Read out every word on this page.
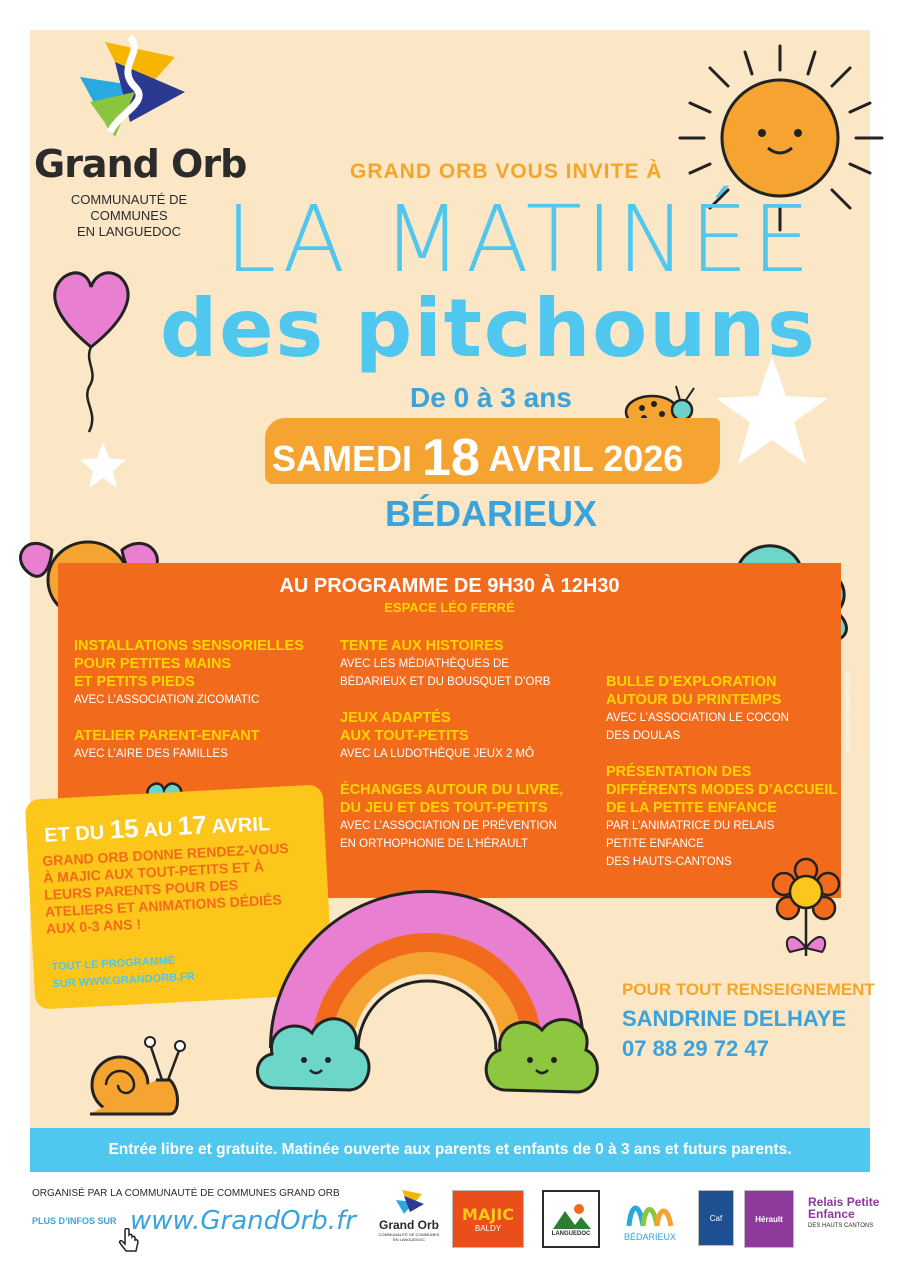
Grand Orb
COMMUNAUTÉ DE COMMUNES
EN LANGUEDOC
GRAND ORB VOUS INVITE À
LA MATINÉE
des pitchouns
De 0 à 3 ans
SAMEDI 18 AVRIL 2026
BÉDARIEUX
AU PROGRAMME DE 9H30 À 12H30
ESPACE LÉO FERRÉ
INSTALLATIONS SENSORIELLES
POUR PETITES MAINS
ET PETITS PIEDS
AVEC L’ASSOCIATION ZICOMATIC
ATELIER PARENT-ENFANT
AVEC L’AIRE DES FAMILLES
TENTE AUX HISTOIRES
AVEC LES MÉDIATHÈQUES DE
BÉDARIEUX ET DU BOUSQUET D’ORB
JEUX ADAPTÉS
AUX TOUT-PETITS
AVEC LA LUDOTHÈQUE JEUX 2 MÔ
ÉCHANGES AUTOUR DU LIVRE,
DU JEU ET DES TOUT-PETITS
AVEC L’ASSOCIATION DE PRÉVENTION
EN ORTHOPHONIE DE L’HÉRAULT
BULLE D’EXPLORATION
AUTOUR DU PRINTEMPS
AVEC L’ASSOCIATION LE COCON
DES DOULAS
PRÉSENTATION DES
DIFFÉRENTS MODES D’ACCUEIL
DE LA PETITE ENFANCE
PAR L’ANIMATRICE DU RELAIS
PETITE ENFANCE
DES HAUTS-CANTONS
UN DESSIN DE LA SOURIS VERTE
ET DU 15 AU 17 AVRIL
GRAND ORB DONNE RENDEZ-VOUS À MAJIC AUX TOUT-PETITS ET À LEURS PARENTS POUR DES ATELIERS ET ANIMATIONS DÉDIÉS AUX 0-3 ANS !
TOUT LE PROGRAMME
SUR WWW.GRANDORB.FR	POUR TOUT RENSEIGNEMENT
SANDRINE DELHAYE
07 88 29 72 47
Entrée libre et gratuite. Matinée ouverte aux parents et enfants de 0 à 3 ans et futurs parents.
ORGANISÉ PAR LA COMMUNAUTÉ DE COMMUNES GRAND ORB
PLUS D’INFOS SUR www.GrandOrb.fr Grand Orb
COMMUNAUTÉ DE COMMUNES EN LANGUEDOC
MAJIC
BALDY
LANGUEDOC	BÉDARIEUX
Caf	Hérault
Relais Petite
Enfance
DES HAUTS CANTONS
